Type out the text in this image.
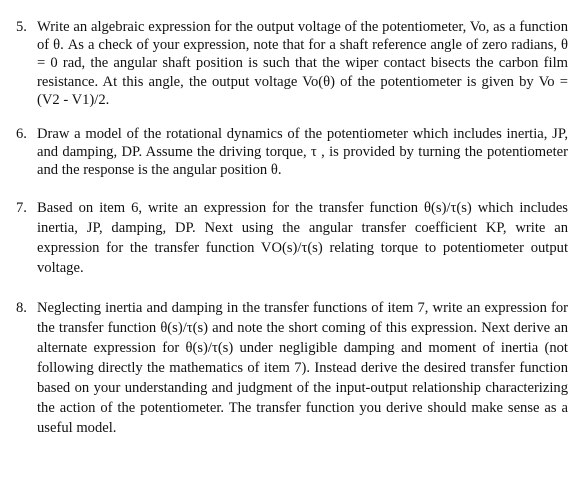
5. Write an algebraic expression for the output voltage of the potentiometer, Vo, as a function of θ. As a check of your expression, note that for a shaft reference angle of zero radians, θ = 0 rad, the angular shaft position is such that the wiper contact bisects the carbon film resistance. At this angle, the output voltage Vo(θ) of the potentiometer is given by Vo = (V2 - V1)/2.
6. Draw a model of the rotational dynamics of the potentiometer which includes inertia, JP, and damping, DP. Assume the driving torque, τ , is provided by turning the potentiometer and the response is the angular position θ.
7. Based on item 6, write an expression for the transfer function θ(s)/τ(s) which includes inertia, JP, damping, DP. Next using the angular transfer coefficient KP, write an expression for the transfer function VO(s)/τ(s) relating torque to potentiometer output voltage.
8. Neglecting inertia and damping in the transfer functions of item 7, write an expression for the transfer function θ(s)/τ(s) and note the short coming of this expression. Next derive an alternate expression for θ(s)/τ(s) under negligible damping and moment of inertia (not following directly the mathematics of item 7). Instead derive the desired transfer function based on your understanding and judgment of the input-output relationship characterizing the action of the potentiometer. The transfer function you derive should make sense as a useful model.
